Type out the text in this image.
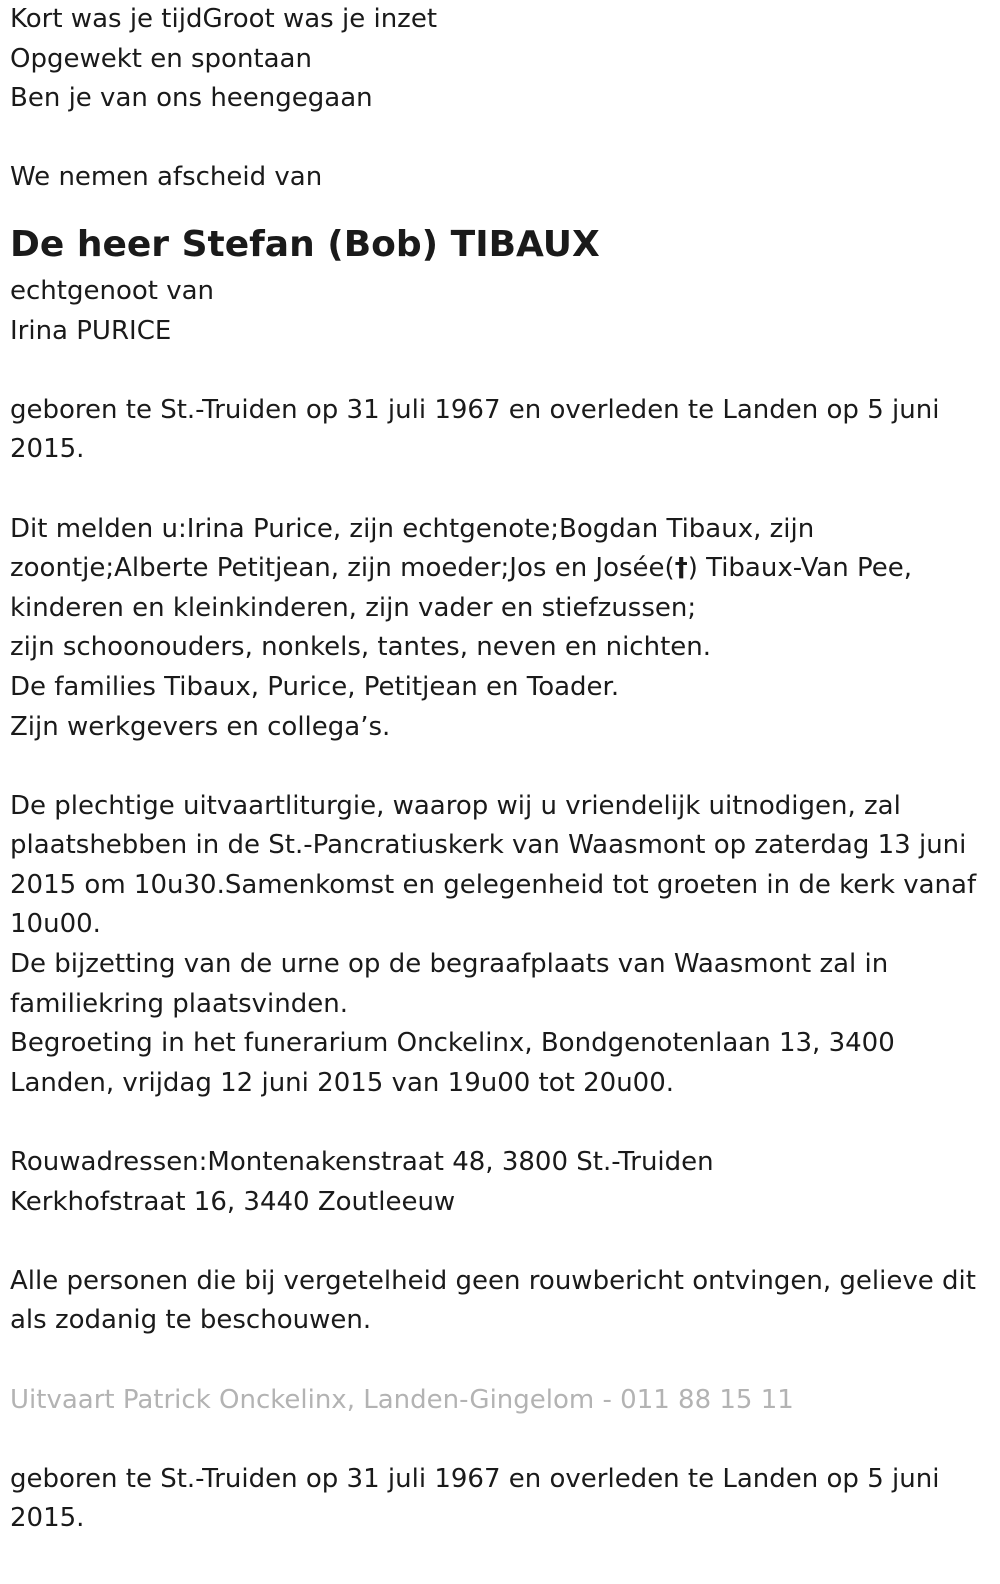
Kort was je tijdGroot was je inzet
Opgewekt en spontaan
Ben je van ons heengegaan
We nemen afscheid van
De heer Stefan (Bob) TIBAUX
echtgenoot van
Irina PURICE
geboren te St.-Truiden op 31 juli 1967 en overleden te Landen op 5 juni 2015.
Dit melden u:Irina Purice, zijn echtgenote;Bogdan Tibaux, zijn zoontje;Alberte Petitjean, zijn moeder;Jos en Josée(†) Tibaux-Van Pee, kinderen en kleinkinderen, zijn vader en stiefzussen;
zijn schoonouders, nonkels, tantes, neven en nichten.
De families Tibaux, Purice, Petitjean en Toader.
Zijn werkgevers en collega’s.
De plechtige uitvaartliturgie, waarop wij u vriendelijk uitnodigen, zal plaatshebben in de St.-Pancratiuskerk van Waasmont op zaterdag 13 juni 2015 om 10u30.Samenkomst en gelegenheid tot groeten in de kerk vanaf 10u00.
De bijzetting van de urne op de begraafplaats van Waasmont zal in familiekring plaatsvinden.
Begroeting in het funerarium Onckelinx, Bondgenotenlaan 13, 3400 Landen, vrijdag 12 juni 2015 van 19u00 tot 20u00.
Rouwadressen:Montenakenstraat 48, 3800 St.-Truiden
Kerkhofstraat 16, 3440 Zoutleeuw
Alle personen die bij vergetelheid geen rouwbericht ontvingen, gelieve dit als zodanig te beschouwen.
Uitvaart Patrick Onckelinx, Landen-Gingelom - 011 88 15 11
geboren te St.-Truiden op 31 juli 1967 en overleden te Landen op 5 juni 2015.
